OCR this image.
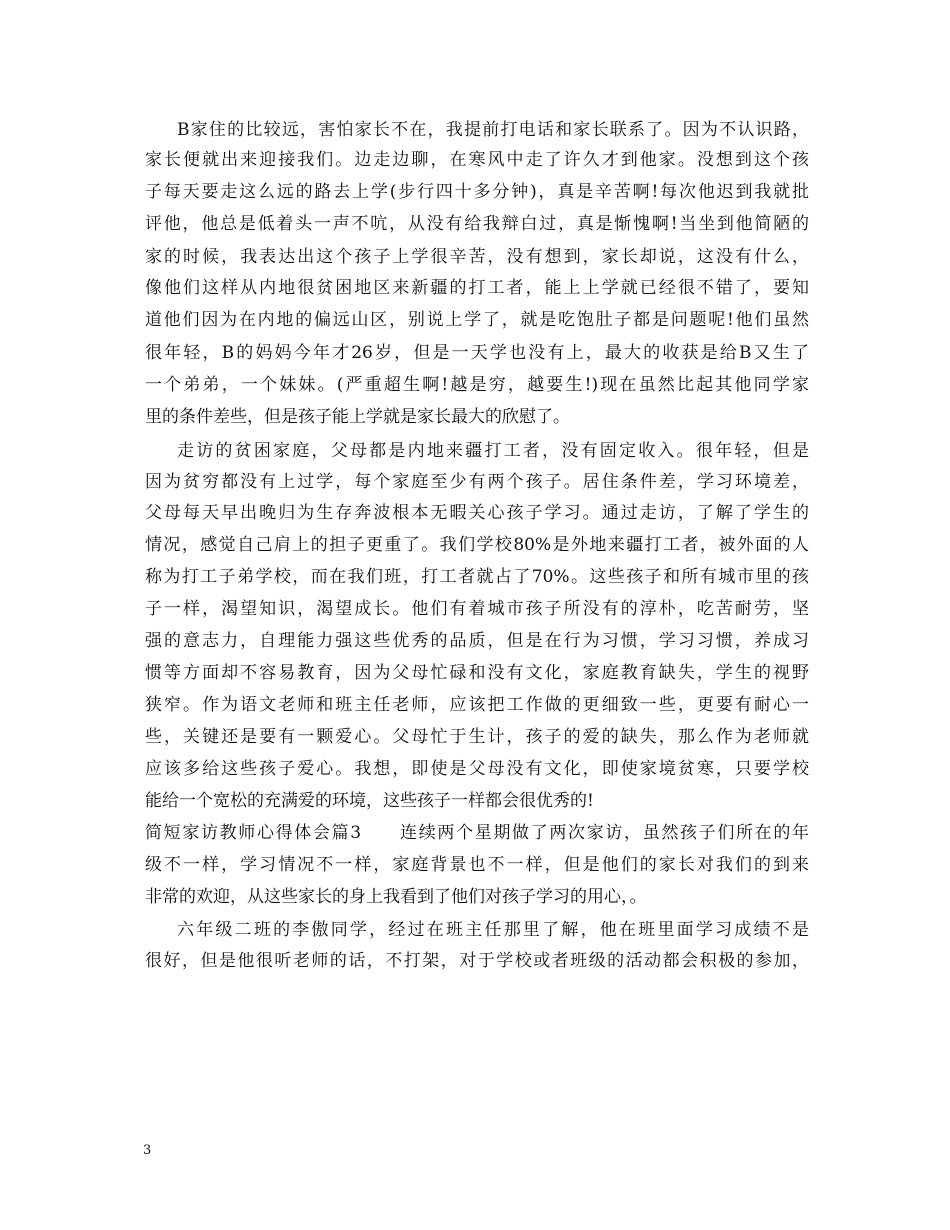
B家住的比较远，害怕家长不在，我提前打电话和家长联系了。因为不认识路，
家长便就出来迎接我们。边走边聊，在寒风中走了许久才到他家。没想到这个孩
子每天要走这么远的路去上学(步行四十多分钟)，真是辛苦啊!每次他迟到我就批
评他，他总是低着头一声不吭，从没有给我辩白过，真是惭愧啊!当坐到他简陋的
家的时候，我表达出这个孩子上学很辛苦，没有想到，家长却说，这没有什么，
像他们这样从内地很贫困地区来新疆的打工者，能上上学就已经很不错了，要知
道他们因为在内地的偏远山区，别说上学了，就是吃饱肚子都是问题呢!他们虽然
很年轻，B的妈妈今年才26岁，但是一天学也没有上，最大的收获是给B又生了
一个弟弟，一个妹妹。(严重超生啊!越是穷，越要生!)现在虽然比起其他同学家
里的条件差些，但是孩子能上学就是家长最大的欣慰了。
走访的贫困家庭，父母都是内地来疆打工者，没有固定收入。很年轻，但是
因为贫穷都没有上过学，每个家庭至少有两个孩子。居住条件差，学习环境差，
父母每天早出晚归为生存奔波根本无暇关心孩子学习。通过走访，了解了学生的
情况，感觉自己肩上的担子更重了。我们学校80%是外地来疆打工者，被外面的人
称为打工子弟学校，而在我们班，打工者就占了70%。这些孩子和所有城市里的孩
子一样，渴望知识，渴望成长。他们有着城市孩子所没有的淳朴，吃苦耐劳，坚
强的意志力，自理能力强这些优秀的品质，但是在行为习惯，学习习惯，养成习
惯等方面却不容易教育，因为父母忙碌和没有文化，家庭教育缺失，学生的视野
狭窄。作为语文老师和班主任老师，应该把工作做的更细致一些，更要有耐心一
些，关键还是要有一颗爱心。父母忙于生计，孩子的爱的缺失，那么作为老师就
应该多给这些孩子爱心。我想，即使是父母没有文化，即使家境贫寒，只要学校
能给一个宽松的充满爱的环境，这些孩子一样都会很优秀的!
简短家访教师心得体会篇3　　连续两个星期做了两次家访，虽然孩子们所在的年
级不一样，学习情况不一样，家庭背景也不一样，但是他们的家长对我们的到来
非常的欢迎，从这些家长的身上我看到了他们对孩子学习的用心，。
六年级二班的李傲同学，经过在班主任那里了解，他在班里面学习成绩不是
很好，但是他很听老师的话，不打架，对于学校或者班级的活动都会积极的参加，
3
